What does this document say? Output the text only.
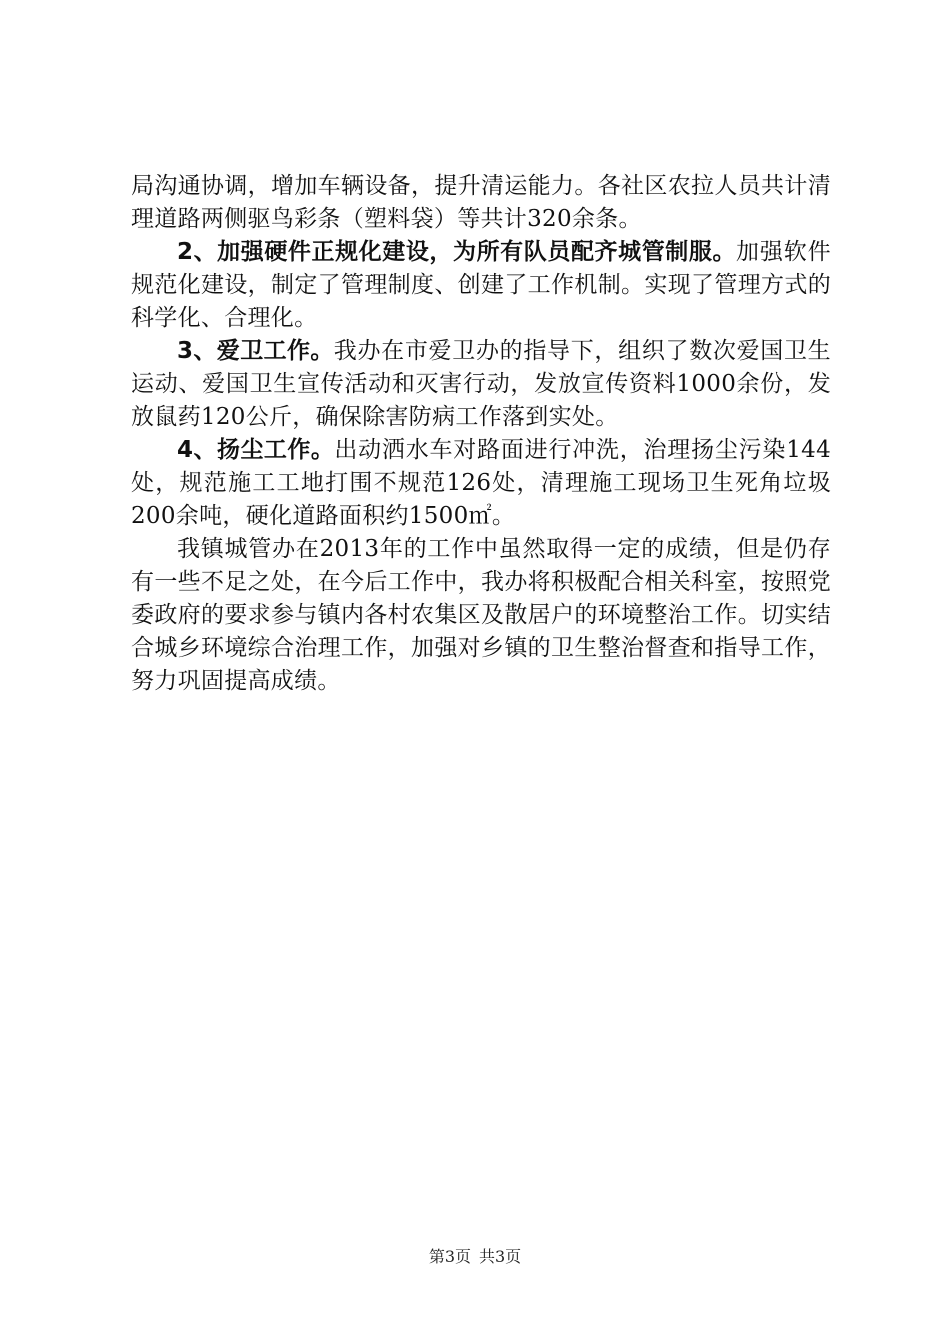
局沟通协调，增加车辆设备，提升清运能力。各社区农拉人员共计清理道路两侧驱鸟彩条（塑料袋）等共计320余条。

2、加强硬件正规化建设，为所有队员配齐城管制服。加强软件规范化建设，制定了管理制度、创建了工作机制。实现了管理方式的科学化、合理化。

3、爱卫工作。我办在市爱卫办的指导下，组织了数次爱国卫生运动、爱国卫生宣传活动和灭害行动，发放宣传资料1000余份，发放鼠药120公斤，确保除害防病工作落到实处。

4、扬尘工作。出动洒水车对路面进行冲洗，治理扬尘污染144处，规范施工工地打围不规范126处，清理施工现场卫生死角垃圾200余吨，硬化道路面积约1500㎡。

我镇城管办在2013年的工作中虽然取得一定的成绩，但是仍存有一些不足之处，在今后工作中，我办将积极配合相关科室，按照党委政府的要求参与镇内各村农集区及散居户的环境整治工作。切实结合城乡环境综合治理工作，加强对乡镇的卫生整治督查和指导工作，努力巩固提高成绩。

第3页 共3页
